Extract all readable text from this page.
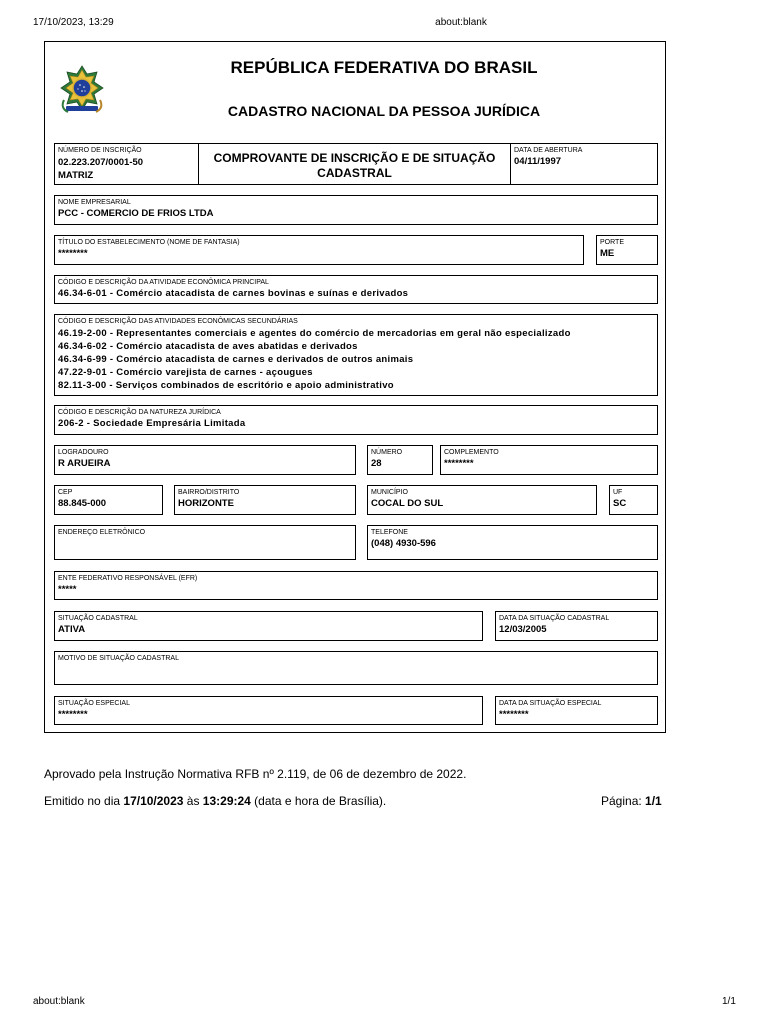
17/10/2023, 13:29	about:blank
about:blank	1/1
REPÚBLICA FEDERATIVA DO BRASIL
CADASTRO NACIONAL DA PESSOA JURÍDICA
NÚMERO DE INSCRIÇÃO
02.223.207/0001-50
MATRIZ
COMPROVANTE DE INSCRIÇÃO E DE SITUAÇÃO
CADASTRAL
DATA DE ABERTURA
04/11/1997
NOME EMPRESARIAL
PCC - COMERCIO DE FRIOS LTDA
TÍTULO DO ESTABELECIMENTO (NOME DE FANTASIA)
********
PORTE
ME
CÓDIGO E DESCRIÇÃO DA ATIVIDADE ECONÔMICA PRINCIPAL
46.34-6-01 - Comércio atacadista de carnes bovinas e suínas e derivados
CÓDIGO E DESCRIÇÃO DAS ATIVIDADES ECONÔMICAS SECUNDÁRIAS
46.19-2-00 - Representantes comerciais e agentes do comércio de mercadorias em geral não especializado
46.34-6-02 - Comércio atacadista de aves abatidas e derivados
46.34-6-99 - Comércio atacadista de carnes e derivados de outros animais
47.22-9-01 - Comércio varejista de carnes - açougues
82.11-3-00 - Serviços combinados de escritório e apoio administrativo
CÓDIGO E DESCRIÇÃO DA NATUREZA JURÍDICA
206-2 - Sociedade Empresária Limitada
LOGRADOURO
R ARUEIRA
NÚMERO
28
COMPLEMENTO
********
CEP
88.845-000
BAIRRO/DISTRITO
HORIZONTE
MUNICÍPIO
COCAL DO SUL
UF
SC
ENDEREÇO ELETRÔNICO	TELEFONE
(048) 4930-596
ENTE FEDERATIVO RESPONSÁVEL (EFR)
*****
SITUAÇÃO CADASTRAL
ATIVA
DATA DA SITUAÇÃO CADASTRAL
12/03/2005
MOTIVO DE SITUAÇÃO CADASTRAL
SITUAÇÃO ESPECIAL
********
DATA DA SITUAÇÃO ESPECIAL
********
Aprovado pela Instrução Normativa RFB nº 2.119, de 06 de dezembro de 2022.
Emitido no dia 17/10/2023 às 13:29:24 (data e hora de Brasília).	Página: 1/1
